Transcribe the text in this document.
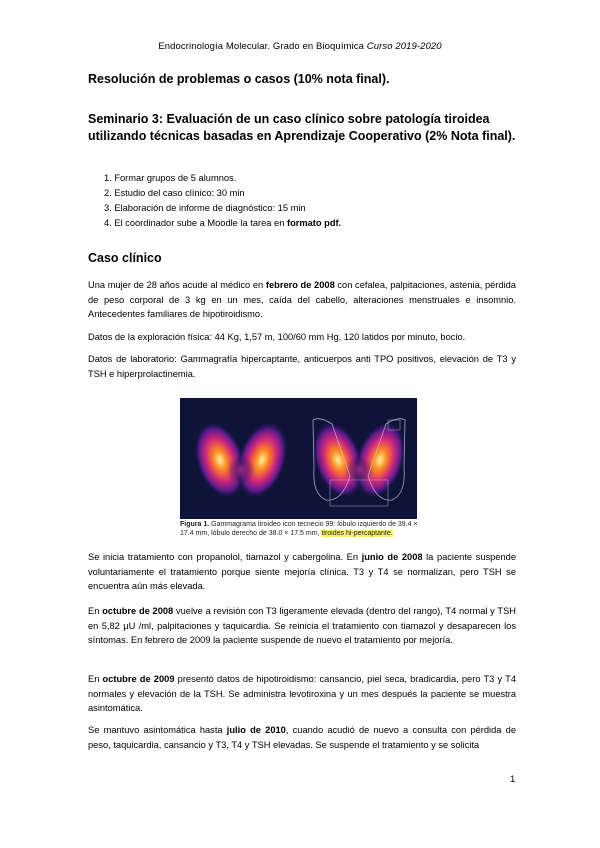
Endocrinología Molecular. Grado en Bioquímica Curso 2019-2020
Resolución de problemas o casos (10% nota final).
Seminario 3: Evaluación de un caso clínico sobre patología tiroidea utilizando técnicas basadas en Aprendizaje Cooperativo (2% Nota final).
1. Formar grupos de 5 alumnos.
2. Estudio del caso clínico: 30 min
3. Elaboración de informe de diagnóstico: 15 min
4. El coordinador sube a Moodle la tarea en formato pdf.
Caso clínico
Una mujer de 28 años acude al médico en febrero de 2008 con cefalea, palpitaciones, astenia, pérdida de peso corporal de 3 kg en un mes, caída del cabello, alteraciones menstruales e insomnio. Antecedentes familiares de hipotiroidismo.
Datos de la exploración física: 44 Kg, 1,57 m, 100/60 mm Hg, 120 latidos por minuto, bocio.
Datos de laboratorio: Gammagrafía hipercaptante, anticuerpos anti TPO positivos, elevación de T3 y TSH e hiperprolactinemia.
Figura 1. Gammagrama tiroideo icon tecnecio 99: lóbulo izquierdo de 39.4 × 17.4 mm, lóbulo derecho de 38.0 × 17.5 mm, tiroides hi-percaptante.
Se inicia tratamiento con propanolol, tiamazol y cabergolina. En junio de 2008 la paciente suspende voluntariamente el tratamiento porque siente mejoría clínica. T3 y T4 se normalizan, pero TSH se encuentra aún más elevada.
En octubre de 2008 vuelve a revisión con T3 ligeramente elevada (dentro del rango), T4 normal y TSH en 5,82 µU /ml, palpitaciones y taquicardia. Se reinicia el tratamiento con tiamazol y desaparecen los síntomas. En febrero de 2009 la paciente suspende de nuevo el tratamiento por mejoría.
En octubre de 2009 presentó datos de hipotiroidismo: cansancio, piel seca, bradicardia, pero T3 y T4 normales y elevación de la TSH. Se administra levotiroxina y un mes después la paciente se muestra asintomática.
Se mantuvo asintomática hasta julio de 2010, cuando acudió de nuevo a consulta con pérdida de peso, taquicardia, cansancio y T3, T4 y TSH elevadas. Se suspende el tratamiento y se solicita
1
